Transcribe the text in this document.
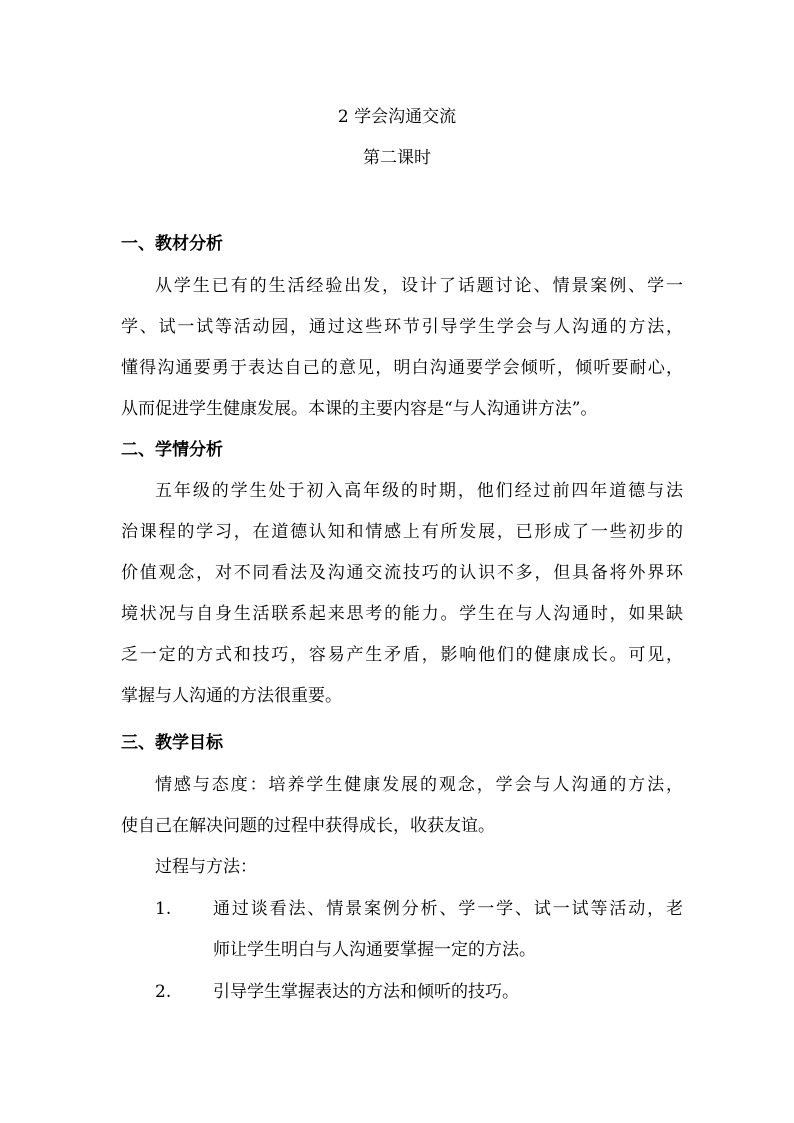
2 学会沟通交流
第二课时
一、教材分析
从学生已有的生活经验出发，设计了话题讨论、情景案例、学一
学、试一试等活动园，通过这些环节引导学生学会与人沟通的方法，
懂得沟通要勇于表达自己的意见，明白沟通要学会倾听，倾听要耐心，
从而促进学生健康发展。本课的主要内容是“与人沟通讲方法”。
二、学情分析
五年级的学生处于初入高年级的时期，他们经过前四年道德与法
治课程的学习，在道德认知和情感上有所发展，已形成了一些初步的
价值观念，对不同看法及沟通交流技巧的认识不多，但具备将外界环
境状况与自身生活联系起来思考的能力。学生在与人沟通时，如果缺
乏一定的方式和技巧，容易产生矛盾，影响他们的健康成长。可见，
掌握与人沟通的方法很重要。
三、教学目标
情感与态度：培养学生健康发展的观念，学会与人沟通的方法，
使自己在解决问题的过程中获得成长，收获友谊。
过程与方法：
1. 通过谈看法、情景案例分析、学一学、试一试等活动，老
师让学生明白与人沟通要掌握一定的方法。
2. 引导学生掌握表达的方法和倾听的技巧。
